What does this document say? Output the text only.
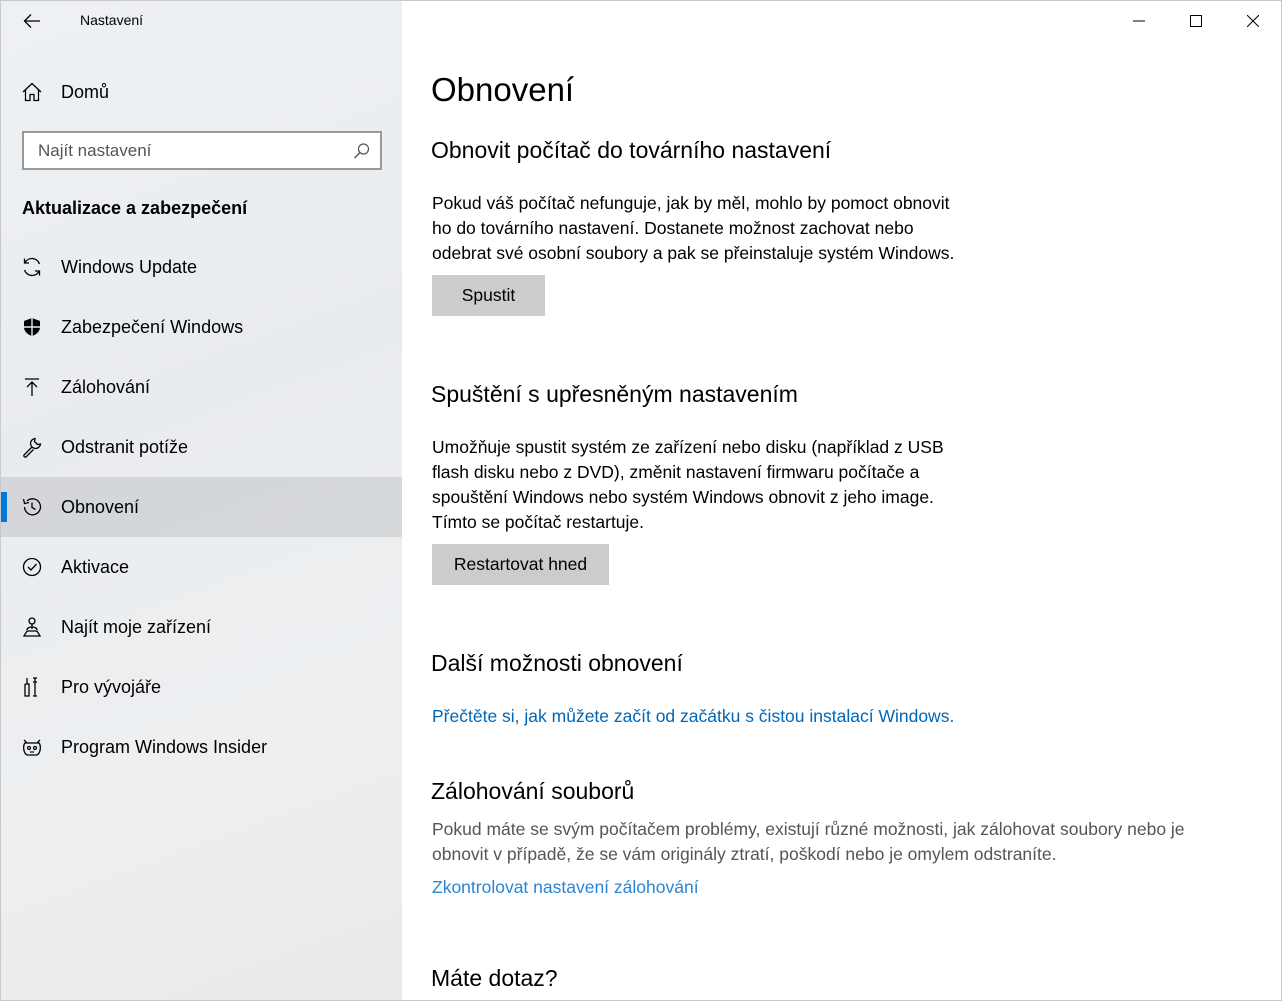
Nastavení
Domů
Najít nastavení
Aktualizace a zabezpečení
Windows Update
Zabezpečení Windows
Zálohování
Odstranit potíže
Obnovení
Aktivace
Najít moje zařízení
Pro vývojáře
Program Windows Insider
Obnovení
Obnovit počítač do továrního nastavení
Pokud váš počítač nefunguje, jak by měl, mohlo by pomoct obnovit
ho do továrního nastavení. Dostanete možnost zachovat nebo
odebrat své osobní soubory a pak se přeinstaluje systém Windows.
Spustit
Spuštění s upřesněným nastavením
Umožňuje spustit systém ze zařízení nebo disku (například z USB
flash disku nebo z DVD), změnit nastavení firmwaru počítače a
spouštění Windows nebo systém Windows obnovit z jeho image.
Tímto se počítač restartuje.
Restartovat hned
Další možnosti obnovení
Přečtěte si, jak můžete začít od začátku s čistou instalací Windows.
Zálohování souborů
Pokud máte se svým počítačem problémy, existují různé možnosti, jak zálohovat soubory nebo je
obnovit v případě, že se vám originály ztratí, poškodí nebo je omylem odstraníte.
Zkontrolovat nastavení zálohování
Máte dotaz?
